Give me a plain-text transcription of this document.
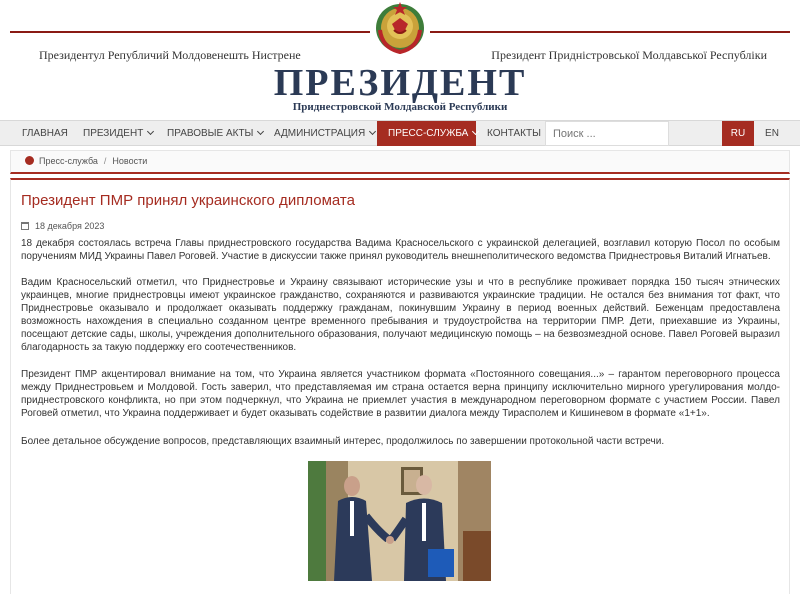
Президентул Републичий Молдовенешть Нистрене	Президент Приднiстровської Молдавської Республіки
ПРЕЗИДЕНТ
Приднестровской Молдавской Республики
ГЛАВНАЯ	ПРЕЗИДЕНТ	ПРАВОВЫЕ АКТЫ	АДМИНИСТРАЦИЯ	ПРЕСС-СЛУЖБА	КОНТАКТЫ
Поиск ...	RU	EN
Пресс-служба / Новости
Президент ПМР принял украинского дипломата
18 декабря 2023

18 декабря состоялась встреча Главы приднестровского государства Вадима Красносельского с украинской делегацией, возглавил которую Посол по особым поручениям МИД Украины Павел Роговей. Участие в дискуссии также принял руководитель внешнеполитического ведомства Приднестровья Виталий Игнатьев.

Вадим Красносельский отметил, что Приднестровье и Украину связывают исторические узы и что в республике проживает порядка 150 тысяч этнических украинцев, многие приднестровцы имеют украинское гражданство, сохраняются и развиваются украинские традиции. Не остался без внимания тот факт, что Приднестровье оказывало и продолжает оказывать поддержку гражданам, покинувшим Украину в период военных действий. Беженцам предоставлена возможность нахождения в специально созданном центре временного пребывания и трудоустройства на территории ПМР. Дети, приехавшие из Украины, посещают детские сады, школы, учреждения дополнительного образования, получают медицинскую помощь – на безвозмездной основе. Павел Роговей выразил благодарность за такую поддержку его соотечественников.

Президент ПМР акцентировал внимание на том, что Украина является участником формата «Постоянного совещания...» – гарантом переговорного процесса между Приднестровьем и Молдовой. Гость заверил, что представляемая им страна остается верна принципу исключительно мирного урегулирования молдо-приднестровского конфликта, но при этом подчеркнул, что Украина не приемлет участия в международном переговорном формате с участием России. Павел Роговей отметил, что Украина поддерживает и будет оказывать содействие в развитии диалога между Тирасполем и Кишиневом в формате «1+1».

Более детальное обсуждение вопросов, представляющих взаимный интерес, продолжилось по завершении протокольной части встречи.
